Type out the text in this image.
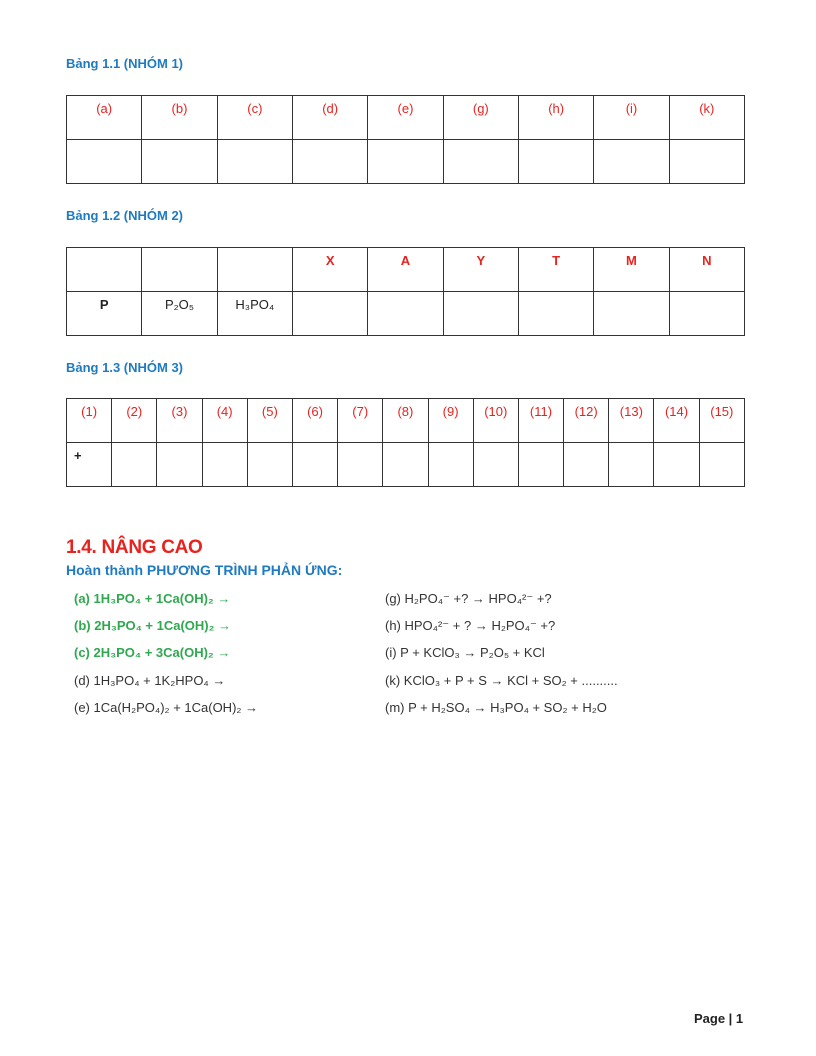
Bảng 1.1 (NHÓM 1)
(a)	(b)	(c)	(d)	(e)	(g)	(h)	(i)	(k)

Bảng 1.2 (NHÓM 2)
			X	A	Y	T	M	N
P	P₂O₅	H₃PO₄						
Bảng 1.3 (NHÓM 3)
(1)	(2)	(3)	(4)	(5)	(6)	(7)	(8)	(9)	(10)	(11)	(12)	(13)	(14)	(15)
+														
1.4. NÂNG CAO
Hoàn thành PHƯƠNG TRÌNH PHẢN ỨNG:
(a) 1H₃PO₄ + 1Ca(OH)₂ →
(b) 2H₃PO₄ + 1Ca(OH)₂ →
(c) 2H₃PO₄ + 3Ca(OH)₂ →
(d) 1H₃PO₄ + 1K₂HPO₄ →
(e) 1Ca(H₂PO₄)₂ + 1Ca(OH)₂ →
(g) H₂PO₄⁻ +? → HPO₄²⁻ +?
(h) HPO₄²⁻ + ? → H₂PO₄⁻ +?
(i) P + KClO₃ → P₂O₅ + KCl
(k) KClO₃ + P + S → KCl + SO₂ + ..........
(m) P + H₂SO₄ → H₃PO₄ + SO₂ + H₂O
Page | 1
